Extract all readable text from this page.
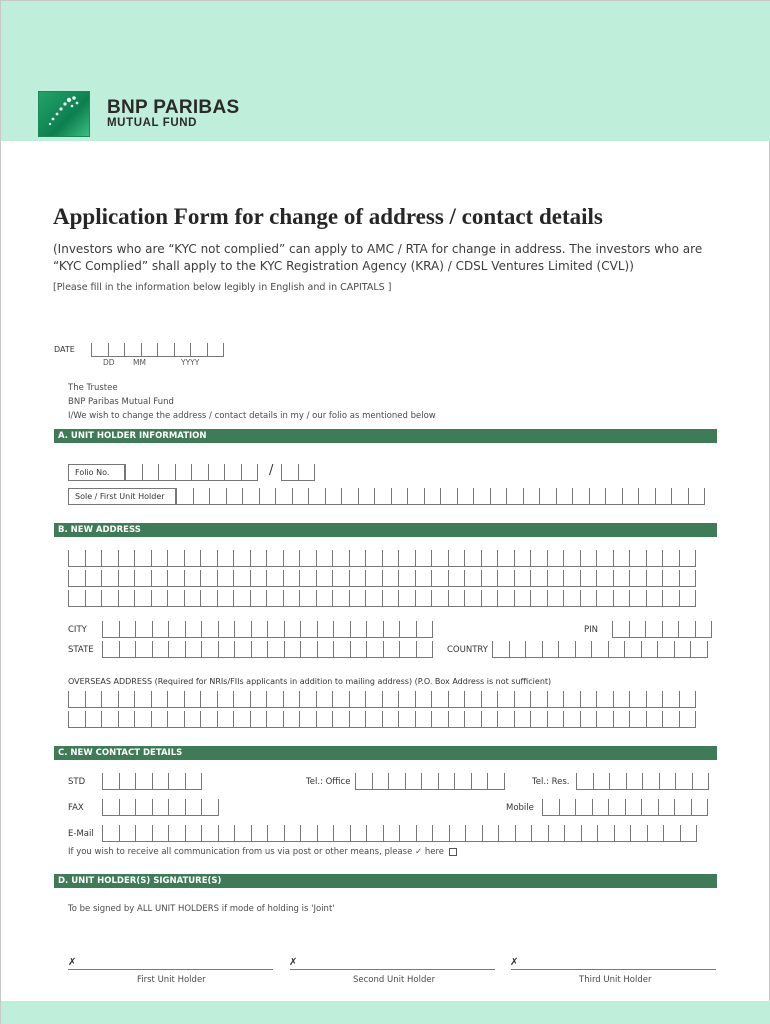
BNP PARIBAS
MUTUAL FUND
Application Form for change of address / contact details
(Investors who are “KYC not complied” can apply to AMC / RTA for change in address. The investors who are “KYC Complied” shall apply to the KYC Registration Agency (KRA) / CDSL Ventures Limited (CVL))
[Please fill in the information below legibly in English and in CAPITALS ]
DATE
DD MM	YYYY
The Trustee
BNP Paribas Mutual Fund
I/We wish to change the address / contact details in my / our folio as mentioned below
A. UNIT HOLDER INFORMATION
Folio No.	/
Sole / First Unit Holder
B. NEW ADDRESS
CITY	PIN
STATE	COUNTRY
OVERSEAS ADDRESS (Required for NRIs/FIIs applicants in addition to mailing address) (P.O. Box Address is not sufficient)
C. NEW CONTACT DETAILS
STD	Tel.: Office	Tel.: Res.
FAX	Mobile
E-Mail
If you wish to receive all communication from us via post or other means, please ✓ here
D. UNIT HOLDER(S) SIGNATURE(S)
To be signed by ALL UNIT HOLDERS if mode of holding is 'Joint'
✗
First Unit Holder
✗
Second Unit Holder
✗
Third Unit Holder
